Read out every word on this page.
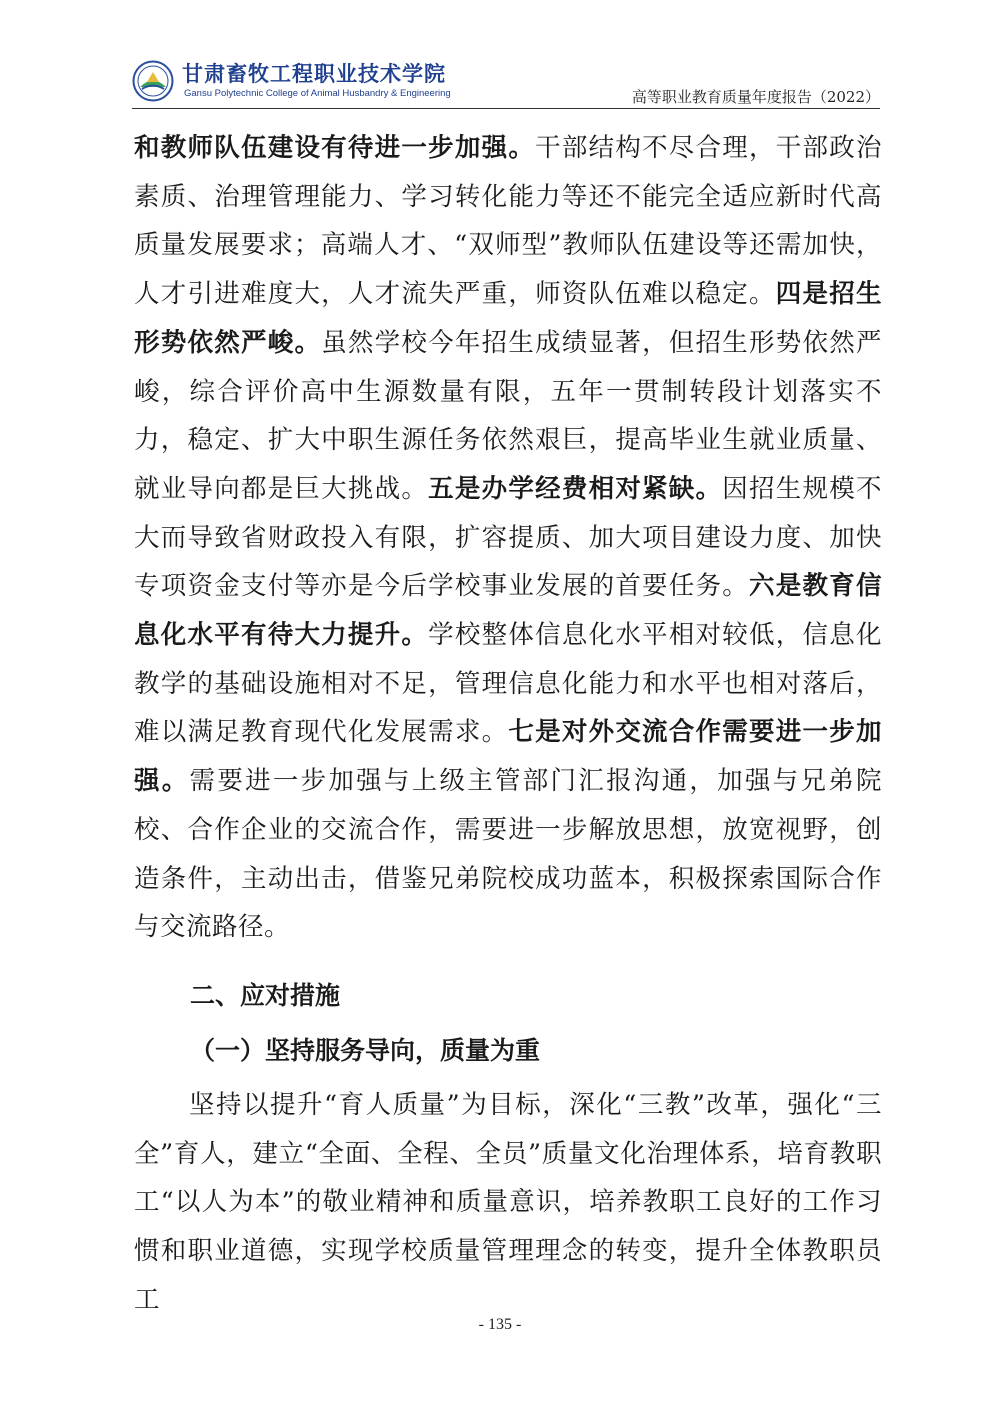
甘肃畜牧工程职业技术学院
Gansu Polytechnic College of Animal Husbandry & Engineering	高等职业教育质量年度报告（2022）

和教师队伍建设有待进一步加强。干部结构不尽合理，干部政治素质、治理管理能力、学习转化能力等还不能完全适应新时代高质量发展要求；高端人才、“双师型”教师队伍建设等还需加快，人才引进难度大，人才流失严重，师资队伍难以稳定。四是招生形势依然严峻。虽然学校今年招生成绩显著，但招生形势依然严峻，综合评价高中生源数量有限，五年一贯制转段计划落实不力，稳定、扩大中职生源任务依然艰巨，提高毕业生就业质量、就业导向都是巨大挑战。五是办学经费相对紧缺。因招生规模不大而导致省财政投入有限，扩容提质、加大项目建设力度、加快专项资金支付等亦是今后学校事业发展的首要任务。六是教育信息化水平有待大力提升。学校整体信息化水平相对较低，信息化教学的基础设施相对不足，管理信息化能力和水平也相对落后，难以满足教育现代化发展需求。七是对外交流合作需要进一步加强。需要进一步加强与上级主管部门汇报沟通，加强与兄弟院校、合作企业的交流合作，需要进一步解放思想，放宽视野，创造条件，主动出击，借鉴兄弟院校成功蓝本，积极探索国际合作与交流路径。

二、应对措施
（一）坚持服务导向，质量为重

坚持以提升“育人质量”为目标，深化“三教”改革，强化“三全”育人，建立“全面、全程、全员”质量文化治理体系，培育教职工“以人为本”的敬业精神和质量意识，培养教职工良好的工作习惯和职业道德，实现学校质量管理理念的转变，提升全体教职员工

- 135 -
